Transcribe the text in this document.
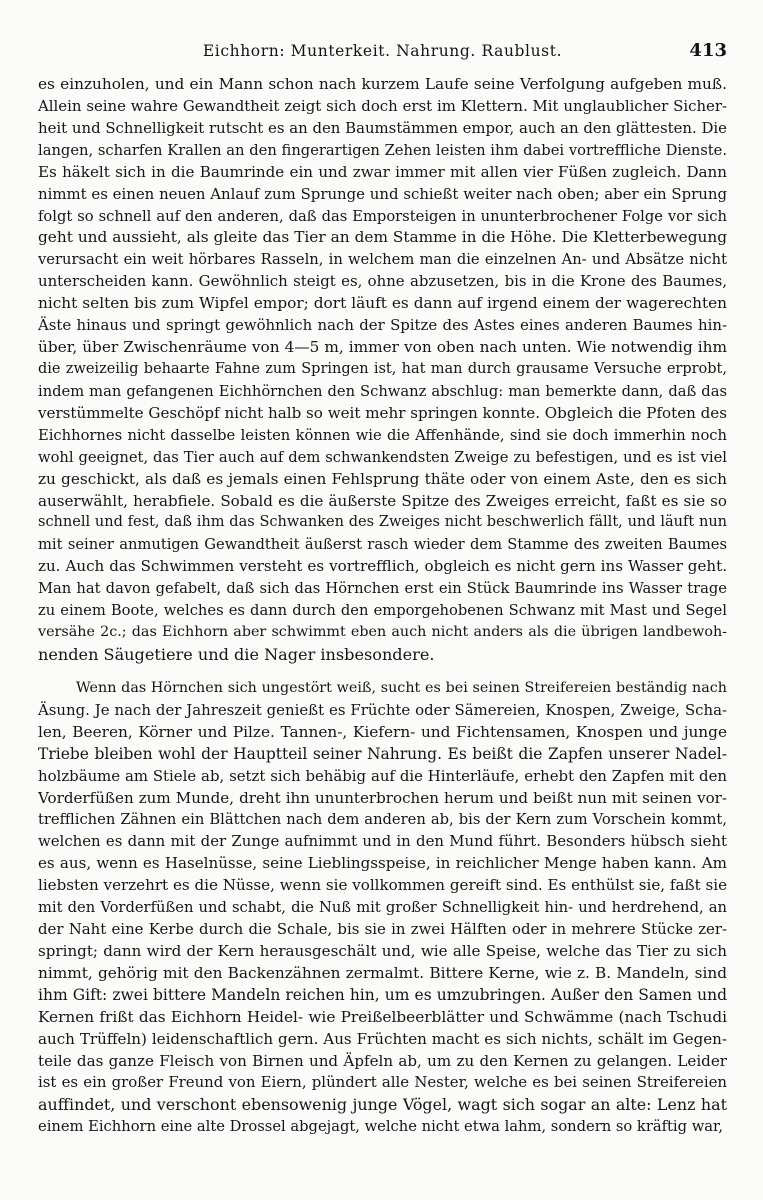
Eichhorn: Munterkeit. Nahrung. Raublust.	413
es einzuholen, und ein Mann schon nach kurzem Laufe seine Verfolgung aufgeben muß.
Allein seine wahre Gewandtheit zeigt sich doch erst im Klettern. Mit unglaublicher Sicher-
heit und Schnelligkeit rutscht es an den Baumstämmen empor, auch an den glättesten. Die
langen, scharfen Krallen an den fingerartigen Zehen leisten ihm dabei vortreffliche Dienste.
Es häkelt sich in die Baumrinde ein und zwar immer mit allen vier Füßen zugleich. Dann
nimmt es einen neuen Anlauf zum Sprunge und schießt weiter nach oben; aber ein Sprung
folgt so schnell auf den anderen, daß das Emporsteigen in ununterbrochener Folge vor sich
geht und aussieht, als gleite das Tier an dem Stamme in die Höhe. Die Kletterbewegung
verursacht ein weit hörbares Rasseln, in welchem man die einzelnen An- und Absätze nicht
unterscheiden kann. Gewöhnlich steigt es, ohne abzusetzen, bis in die Krone des Baumes,
nicht selten bis zum Wipfel empor; dort läuft es dann auf irgend einem der wagerechten
Äste hinaus und springt gewöhnlich nach der Spitze des Astes eines anderen Baumes hin-
über, über Zwischenräume von 4—5 m, immer von oben nach unten. Wie notwendig ihm
die zweizeilig behaarte Fahne zum Springen ist, hat man durch grausame Versuche erprobt,
indem man gefangenen Eichhörnchen den Schwanz abschlug: man bemerkte dann, daß das
verstümmelte Geschöpf nicht halb so weit mehr springen konnte. Obgleich die Pfoten des
Eichhornes nicht dasselbe leisten können wie die Affenhände, sind sie doch immerhin noch
wohl geeignet, das Tier auch auf dem schwankendsten Zweige zu befestigen, und es ist viel
zu geschickt, als daß es jemals einen Fehlsprung thäte oder von einem Aste, den es sich
auserwählt, herabfiele. Sobald es die äußerste Spitze des Zweiges erreicht, faßt es sie so
schnell und fest, daß ihm das Schwanken des Zweiges nicht beschwerlich fällt, und läuft nun
mit seiner anmutigen Gewandtheit äußerst rasch wieder dem Stamme des zweiten Baumes
zu. Auch das Schwimmen versteht es vortrefflich, obgleich es nicht gern ins Wasser geht.
Man hat davon gefabelt, daß sich das Hörnchen erst ein Stück Baumrinde ins Wasser trage
zu einem Boote, welches es dann durch den emporgehobenen Schwanz mit Mast und Segel
versähe 2c.; das Eichhorn aber schwimmt eben auch nicht anders als die übrigen landbewoh-
nenden Säugetiere und die Nager insbesondere.
Wenn das Hörnchen sich ungestört weiß, sucht es bei seinen Streifereien beständig nach
Äsung. Je nach der Jahreszeit genießt es Früchte oder Sämereien, Knospen, Zweige, Scha-
len, Beeren, Körner und Pilze. Tannen-, Kiefern- und Fichtensamen, Knospen und junge
Triebe bleiben wohl der Hauptteil seiner Nahrung. Es beißt die Zapfen unserer Nadel-
holzbäume am Stiele ab, setzt sich behäbig auf die Hinterläufe, erhebt den Zapfen mit den
Vorderfüßen zum Munde, dreht ihn ununterbrochen herum und beißt nun mit seinen vor-
trefflichen Zähnen ein Blättchen nach dem anderen ab, bis der Kern zum Vorschein kommt,
welchen es dann mit der Zunge aufnimmt und in den Mund führt. Besonders hübsch sieht
es aus, wenn es Haselnüsse, seine Lieblingsspeise, in reichlicher Menge haben kann. Am
liebsten verzehrt es die Nüsse, wenn sie vollkommen gereift sind. Es enthülst sie, faßt sie
mit den Vorderfüßen und schabt, die Nuß mit großer Schnelligkeit hin- und herdrehend, an
der Naht eine Kerbe durch die Schale, bis sie in zwei Hälften oder in mehrere Stücke zer-
springt; dann wird der Kern herausgeschält und, wie alle Speise, welche das Tier zu sich
nimmt, gehörig mit den Backenzähnen zermalmt. Bittere Kerne, wie z. B. Mandeln, sind
ihm Gift: zwei bittere Mandeln reichen hin, um es umzubringen. Außer den Samen und
Kernen frißt das Eichhorn Heidel- wie Preißelbeerblätter und Schwämme (nach Tschudi
auch Trüffeln) leidenschaftlich gern. Aus Früchten macht es sich nichts, schält im Gegen-
teile das ganze Fleisch von Birnen und Äpfeln ab, um zu den Kernen zu gelangen. Leider
ist es ein großer Freund von Eiern, plündert alle Nester, welche es bei seinen Streifereien
auffindet, und verschont ebensowenig junge Vögel, wagt sich sogar an alte: Lenz hat
einem Eichhorn eine alte Drossel abgejagt, welche nicht etwa lahm, sondern so kräftig war,
